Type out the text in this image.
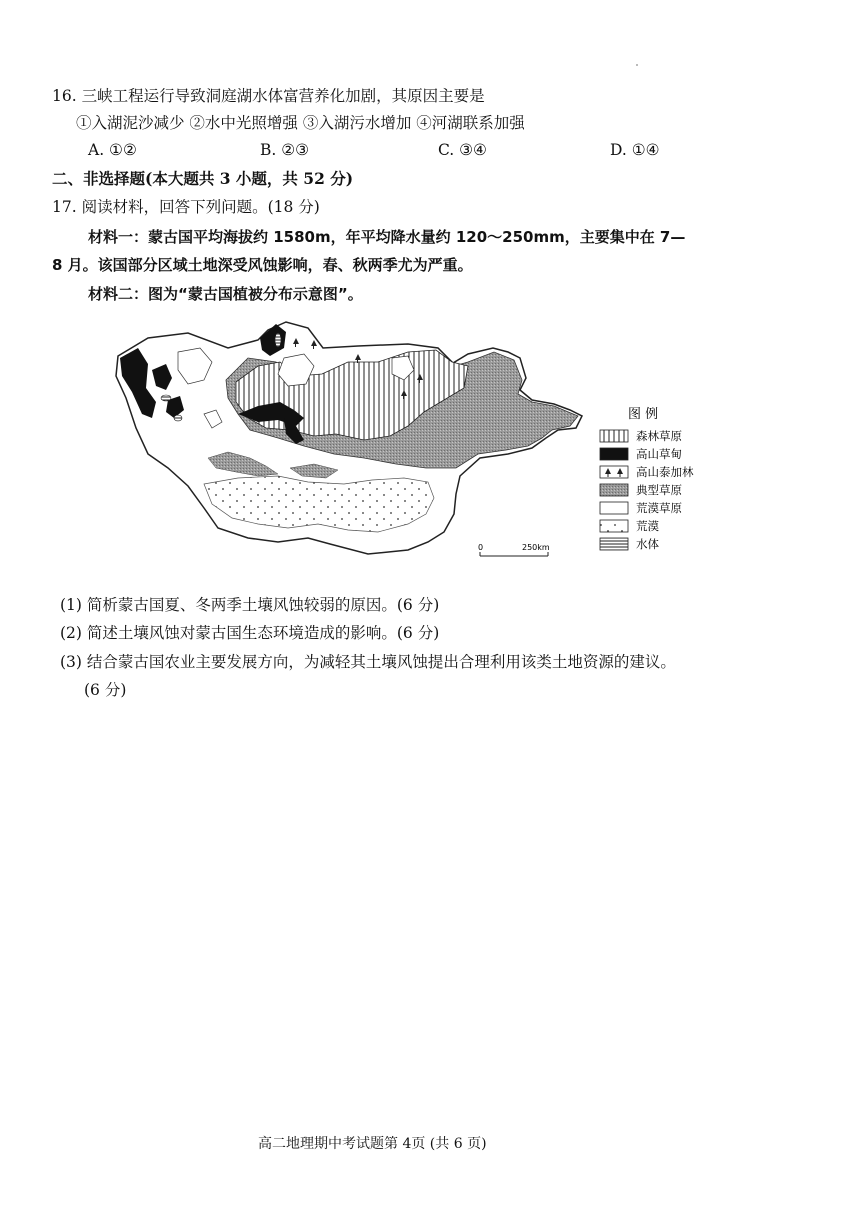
16. 三峡工程运行导致洞庭湖水体富营养化加剧，其原因主要是
①入湖泥沙减少 ②水中光照增强 ③入湖污水增加 ④河湖联系加强
A. ①②	B. ②③	C. ③④	D. ①④
二、非选择题(本大题共 3 小题，共 52 分)
17. 阅读材料，回答下列问题。(18 分)
材料一：蒙古国平均海拔约 1580m，年平均降水量约 120～250mm，主要集中在 7—
8 月。该国部分区域土地深受风蚀影响，春、秋两季尤为严重。
材料二：图为“蒙古国植被分布示意图”。
图 例
森林草原
高山草甸
高山泰加林
典型草原
荒漠草原
荒漠
水体
0	250km
(1) 简析蒙古国夏、冬两季土壤风蚀较弱的原因。(6 分)
(2) 简述土壤风蚀对蒙古国生态环境造成的影响。(6 分)
(3) 结合蒙古国农业主要发展方向，为减轻其土壤风蚀提出合理利用该类土地资源的建议。
(6 分)
高二地理期中考试题第 4页 (共 6 页)
